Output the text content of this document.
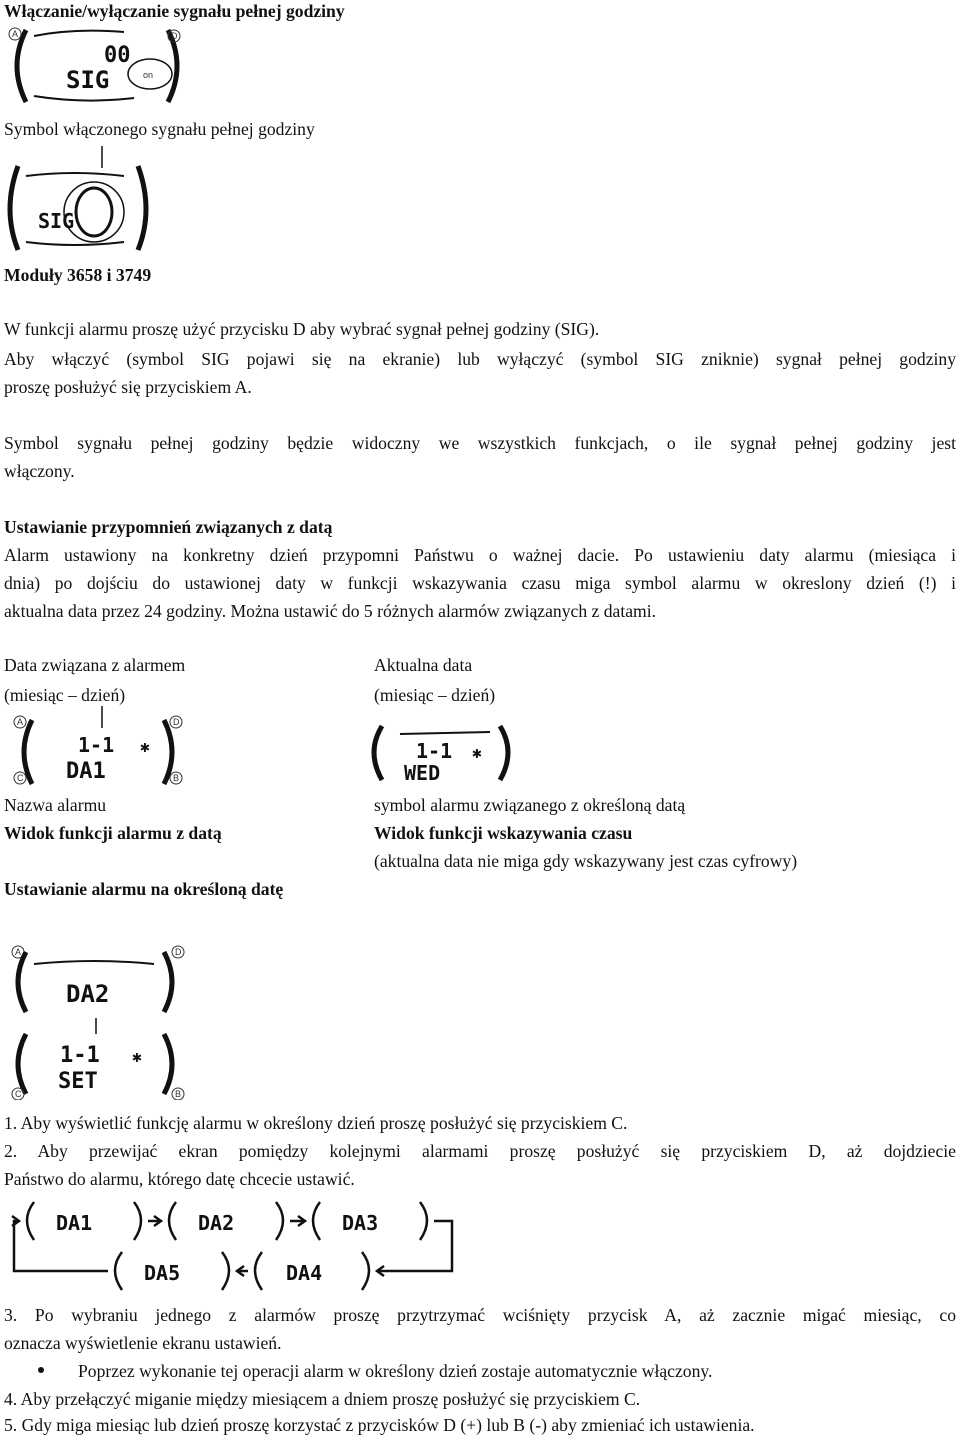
Włączanie/wyłączanie sygnału pełnej godziny
A	D
00
SIG	on
Symbol włączonego sygnału pełnej godziny
SIG
Moduły 3658 i 3749
W funkcji alarmu proszę użyć przycisku D aby wybrać sygnał pełnej godziny (SIG).
Aby włączyć (symbol SIG pojawi się na ekranie) lub wyłączyć (symbol SIG zniknie) sygnał pełnej godziny
proszę posłużyć się przyciskiem A.
Symbol sygnału pełnej godziny będzie widoczny we wszystkich funkcjach, o ile sygnał pełnej godziny jest
włączony.
Ustawianie przypomnień związanych z datą
Alarm ustawiony na konkretny dzień przypomni Państwu o ważnej dacie. Po ustawieniu daty alarmu (miesiąca i
dnia) po dojściu do ustawionej daty w funkcji wskazywania czasu miga symbol alarmu w okreslony dzień (!) i
aktualna data przez 24 godziny. Można ustawić do 5 różnych alarmów związanych z datami.
Data związana z alarmem
(miesiąc – dzień)
Aktualna data
(miesiąc – dzień)
A	D
C	B
1-1 ✱
DA1
1-1 ✱
WED
Nazwa alarmu
Widok funkcji alarmu z datą
symbol alarmu związanego z określoną datą
Widok funkcji wskazywania czasu
(aktualna data nie miga gdy wskazywany jest czas cyfrowy)
Ustawianie alarmu na określoną datę
A	D
DA2
1-1 ✱
SET
C	B
1. Aby wyświetlić funkcję alarmu w określony dzień proszę posłużyć się przyciskiem C.
2. Aby przewijać ekran pomiędzy kolejnymi alarmami proszę posłużyć się przyciskiem D, aż dojdziecie
Państwo do alarmu, którego datę chcecie ustawić.
DA1	DA2	DA3
DA4
DA5
3. Po wybraniu jednego z alarmów proszę przytrzymać wciśnięty przycisk A, aż zacznie migać miesiąc, co
oznacza wyświetlenie ekranu ustawień.
Poprzez wykonanie tej operacji alarm w określony dzień zostaje automatycznie włączony.
4. Aby przełączyć miganie między miesiącem a dniem proszę posłużyć się przyciskiem C.
5. Gdy miga miesiąc lub dzień proszę korzystać z przycisków D (+) lub B (-) aby zmieniać ich ustawienia.
